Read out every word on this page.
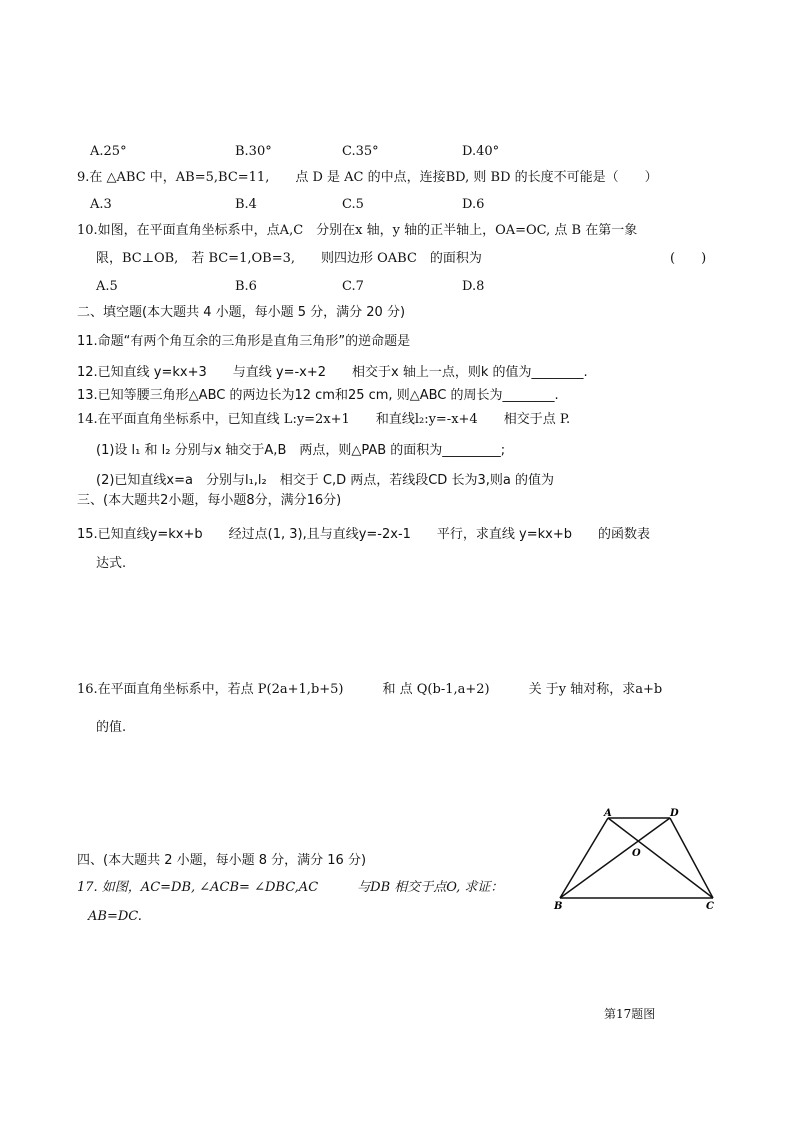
A.25°	B.30°	C.35°	D.40°
9.在 △ABC 中，AB=5,BC=11,　　点 D 是 AC 的中点，连接BD, 则 BD 的长度不可能是（　　）
A.3	B.4	C.5	D.6
10.如图，在平面直角坐标系中，点A,C　分别在x 轴，y 轴的正半轴上，OA=OC, 点 B 在第一象
限，BC⊥OB,　若 BC=1,OB=3,　　则四边形 OABC　的面积为	(　　)
A.5	B.6	C.7	D.8
二、填空题(本大题共 4 小题，每小题 5 分，满分 20 分)
11.命题“有两个角互余的三角形是直角三角形”的逆命题是
12.已知直线 y=kx+3　　与直线 y=-x+2　　相交于x 轴上一点，则k 的值为________.
13.已知等腰三角形△ABC 的两边长为12 cm和25 cm, 则△ABC 的周长为________.
14.在平面直角坐标系中，已知直线 L:y=2x+1　　和直线l₂:y=-x+4　　相交于点 P.
(1)设 l₁ 和 l₂ 分别与x 轴交于A,B　两点，则△PAB 的面积为_________;
(2)已知直线x=a　分别与l₁,l₂　相交于 C,D 两点，若线段CD 长为3,则a 的值为
三、(本大题共2小题，每小题8分，满分16分)
15.已知直线y=kx+b　　经过点(1, 3),且与直线y=-2x-1　　平行，求直线 y=kx+b　　的函数表
达式.
16.在平面直角坐标系中，若点 P(2a+1,b+5)　　　和 点 Q(b-1,a+2)　　　关 于y 轴对称，求a+b
的值.
四、(本大题共 2 小题，每小题 8 分，满分 16 分)
17. 如图，AC=DB, ∠ACB= ∠DBC,AC　　　与DB 相交于点O, 求证：
AB=DC.
A	D
O
B	C
第17题图
